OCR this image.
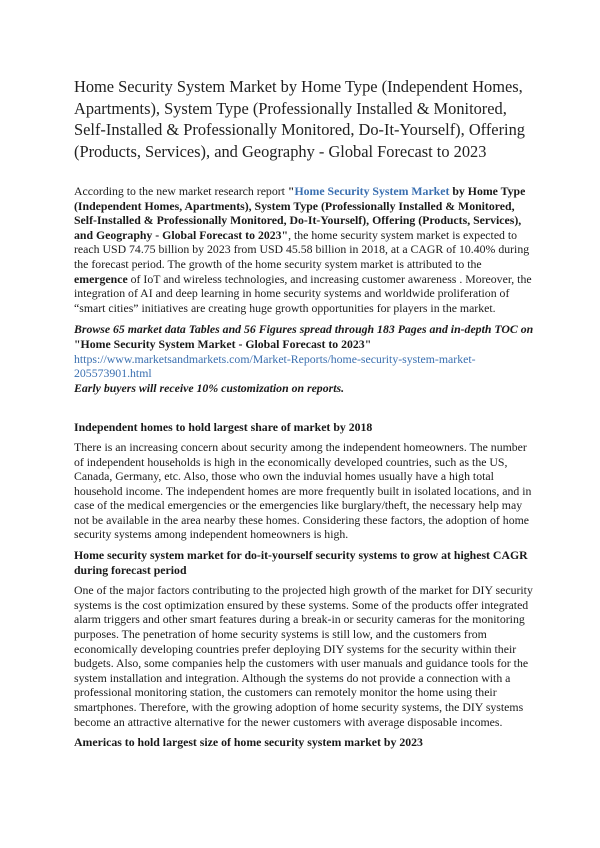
Home Security System Market by Home Type (Independent Homes, Apartments), System Type (Professionally Installed & Monitored, Self-Installed & Professionally Monitored, Do-It-Yourself), Offering (Products, Services), and Geography - Global Forecast to 2023

According to the new market research report "Home Security System Market by Home Type (Independent Homes, Apartments), System Type (Professionally Installed & Monitored, Self-Installed & Professionally Monitored, Do-It-Yourself), Offering (Products, Services), and Geography - Global Forecast to 2023", the home security system market is expected to reach USD 74.75 billion by 2023 from USD 45.58 billion in 2018, at a CAGR of 10.40% during the forecast period. The growth of the home security system market is attributed to the emergence of IoT and wireless technologies, and increasing customer awareness . Moreover, the integration of AI and deep learning in home security systems and worldwide proliferation of “smart cities” initiatives are creating huge growth opportunities for players in the market.

Browse 65 market data Tables and 56 Figures spread through 183 Pages and in-depth TOC on "Home Security System Market - Global Forecast to 2023"

https://www.marketsandmarkets.com/Market-Reports/home-security-system-market-205573901.html

Early buyers will receive 10% customization on reports.

Independent homes to hold largest share of market by 2018

There is an increasing concern about security among the independent homeowners. The number of independent households is high in the economically developed countries, such as the US, Canada, Germany, etc. Also, those who own the induvial homes usually have a high total household income. The independent homes are more frequently built in isolated locations, and in case of the medical emergencies or the emergencies like burglary/theft, the necessary help may not be available in the area nearby these homes. Considering these factors, the adoption of home security systems among independent homeowners is high.

Home security system market for do-it-yourself security systems to grow at highest CAGR during forecast period

One of the major factors contributing to the projected high growth of the market for DIY security systems is the cost optimization ensured by these systems. Some of the products offer integrated alarm triggers and other smart features during a break-in or security cameras for the monitoring purposes. The penetration of home security systems is still low, and the customers from economically developing countries prefer deploying DIY systems for the security within their budgets. Also, some companies help the customers with user manuals and guidance tools for the system installation and integration. Although the systems do not provide a connection with a professional monitoring station, the customers can remotely monitor the home using their smartphones. Therefore, with the growing adoption of home security systems, the DIY systems become an attractive alternative for the newer customers with average disposable incomes.

Americas to hold largest size of home security system market by 2023
